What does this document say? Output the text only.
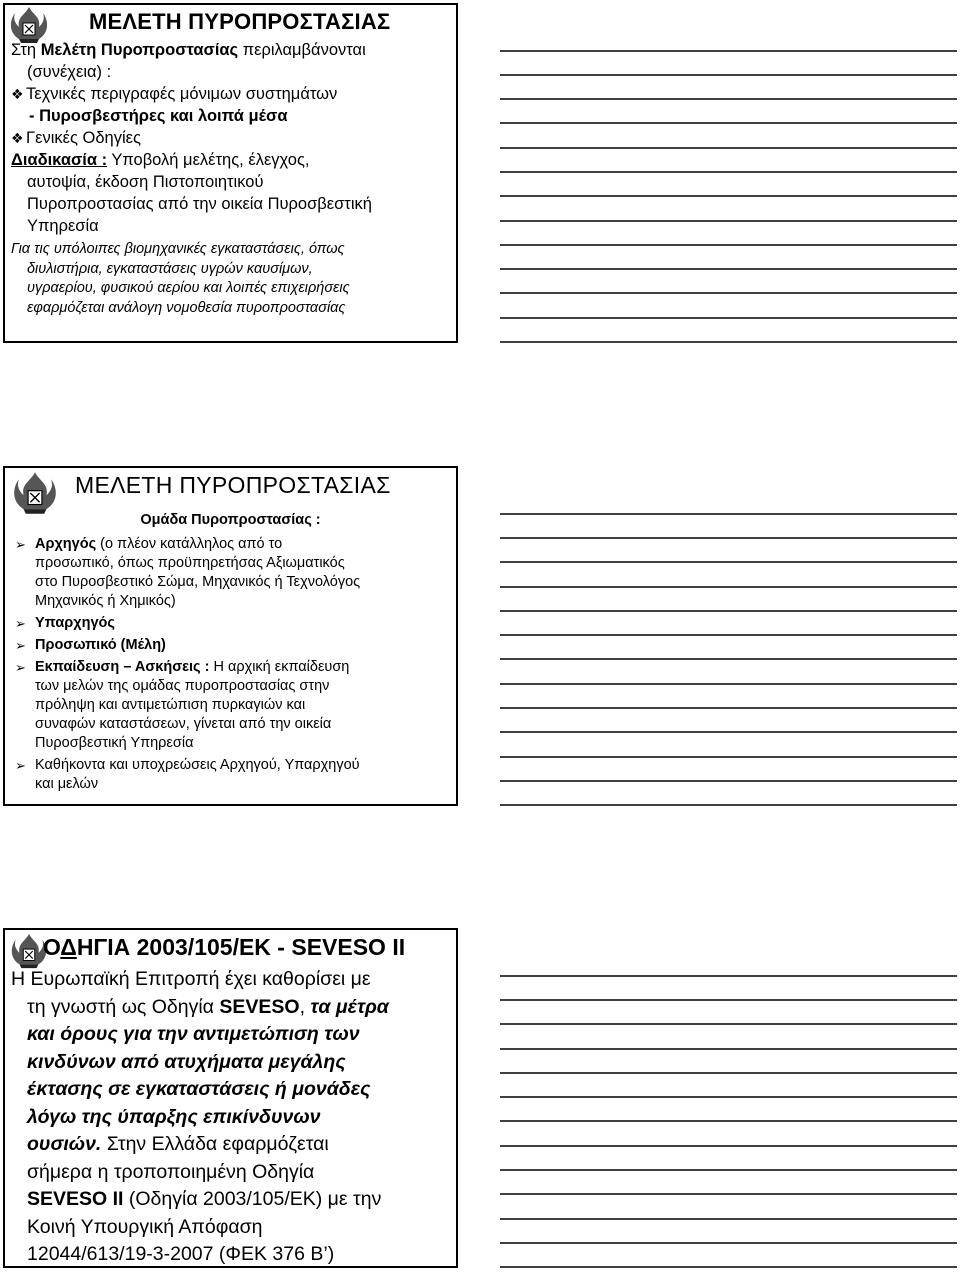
ΜΕΛΕΤΗ ΠΥΡΟΠΡΟΣΤΑΣΙΑΣ
Στη Μελέτη Πυροπροστασίας περιλαμβάνονται
(συνέχεια) :
❖ Τεχνικές περιγραφές μόνιμων συστημάτων
- Πυροσβεστήρες και λοιπά μέσα
❖ Γενικές Οδηγίες
Διαδικασία : Υποβολή μελέτης, έλεγχος,
αυτοψία, έκδοση Πιστοποιητικού
Πυροπροστασίας από την οικεία Πυροσβεστική
Υπηρεσία
Για τις υπόλοιπες βιομηχανικές εγκαταστάσεις, όπως
διυλιστήρια, εγκαταστάσεις υγρών καυσίμων,
υγραερίου, φυσικού αερίου και λοιπές επιχειρήσεις
εφαρμόζεται ανάλογη νομοθεσία πυροπροστασίας
ΜΕΛΕΤΗ ΠΥΡΟΠΡΟΣΤΑΣΙΑΣ
Ομάδα Πυροπροστασίας :
➢ Αρχηγός (ο πλέον κατάλληλος από το
προσωπικό, όπως προϋπηρετήσας Αξιωματικός
στο Πυροσβεστικό Σώμα, Μηχανικός ή Τεχνολόγος
Μηχανικός ή Χημικός)
➢ Υπαρχηγός
➢ Προσωπικό (Μέλη)
➢ Εκπαίδευση – Ασκήσεις : Η αρχική εκπαίδευση
των μελών της ομάδας πυροπροστασίας στην
πρόληψη και αντιμετώπιση πυρκαγιών και
συναφών καταστάσεων, γίνεται από την οικεία
Πυροσβεστική Υπηρεσία
➢ Καθήκοντα και υποχρεώσεις Αρχηγού, Υπαρχηγού
και μελών
ΟΔΗΓΙΑ 2003/105/ΕΚ - SEVESO II
Η Ευρωπαϊκή Επιτροπή έχει καθορίσει με
τη γνωστή ως Οδηγία SEVESO, τα μέτρα
και όρους για την αντιμετώπιση των
κινδύνων από ατυχήματα μεγάλης
έκτασης σε εγκαταστάσεις ή μονάδες
λόγω της ύπαρξης επικίνδυνων
ουσιών. Στην Ελλάδα εφαρμόζεται
σήμερα η τροποποιημένη Οδηγία
SEVESO II (Οδηγία 2003/105/ΕΚ) με την
Κοινή Υπουργική Απόφαση
12044/613/19-3-2007 (ΦΕΚ 376 Β’)
